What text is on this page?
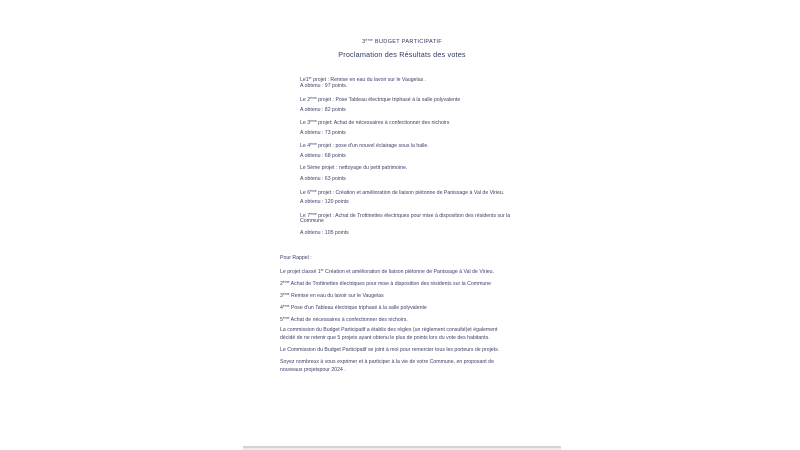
3ème BUDGET PARTICIPATIF
Proclamation des Résultats des votes
Le1er projet : Remise en eau du lavoir sur le Vaugelas .
A obtenu : 97 points.
Le 2ème projet : Pose Tableau électrique triphasé à la salle polyvalente
A obtenu : 82 points
Le 3ème projet: Achat de nécessaires à confectionner des nichoirs
A obtenu : 73 points
Le 4ème projet : pose d'un nouvel éclairage sous la halle.
A obtenu : 68 points
Le 5ème projet : nettoyage du petit patrimoine.
A obtenu : 63 points
Le 6ème projet : Création et amélioration de liaison piétonne de Panissage à Val de Virieu.
A obtenu : 120 points
Le 7ème projet : Achat de Trottinettes électriques pour mise à disposition des résidents sur la
Commune
A obtenu : 105 points
Pour Rappel :
Le projet classé 1er Création et amélioration de liaison piétonne de Panissage à Val de Virieu.
2ème Achat de Trottinettes électriques pour mise à disposition des résidents sur la Commune
3ème Remise en eau du lavoir sur le Vaugelas
4ème Pose d'un Tableau électrique triphasé à la salle polyvalente
5ème Achat de nécessaires à confectionner des nichoirs.
La commission du Budget Participatif a établis des règles (un règlement consulté)et également
décidé de ne retenir que 5 projets ayant obtenu le plus de points lors du vote des habitants.
Le Commission du Budget Participatif se joint à moi pour remercier tous les porteurs de projets.
Soyez nombreux à vous exprimer et à participer à la vie de votre Commune, en proposant de
nouveaux projetspour 2024 .
